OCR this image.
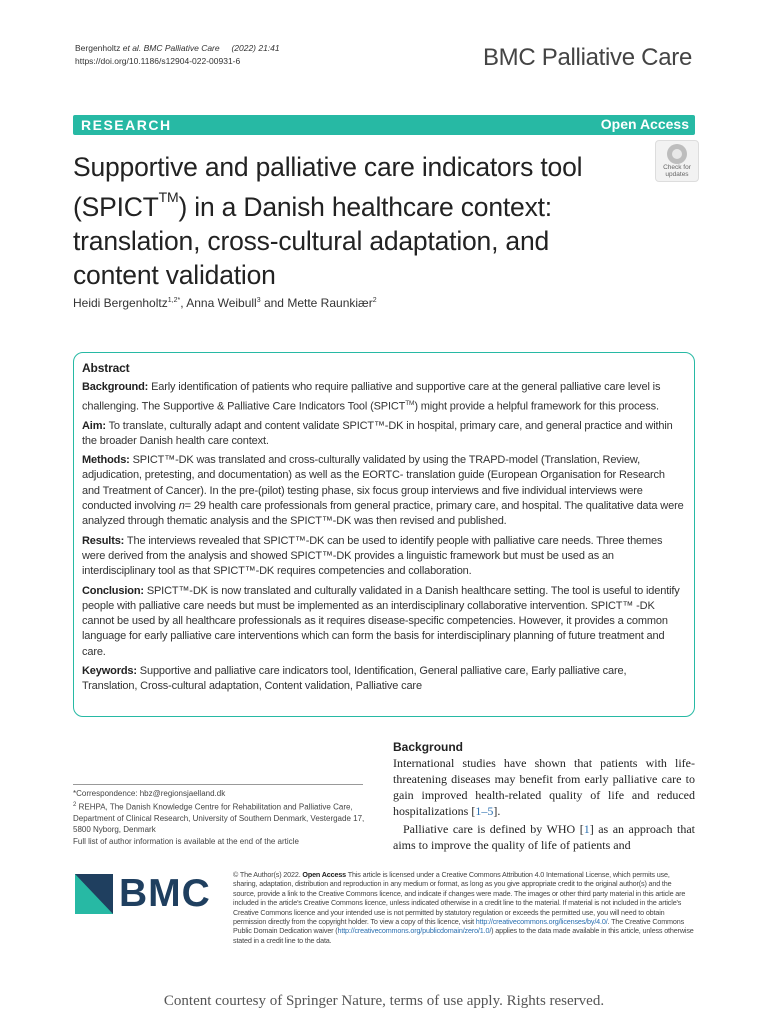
Bergenholtz et al. BMC Palliative Care (2022) 21:41
https://doi.org/10.1186/s12904-022-00931-6	BMC Palliative Care
RESEARCH	Open Access
Supportive and palliative care indicators tool (SPICT™) in a Danish healthcare context: translation, cross-cultural adaptation, and content validation
Check for
updates
Heidi Bergenholtz$^{1,2*}$, Anna Weibull$^3$ and Mette Raunkiær$^2$
Abstract

Background: Early identification of patients who require palliative and supportive care at the general palliative care level is challenging. The Supportive & Palliative Care Indicators Tool (SPICT™) might provide a helpful framework for this process.

Aim: To translate, culturally adapt and content validate SPICT™-DK in hospital, primary care, and general practice and within the broader Danish health care context.

Methods: SPICT™-DK was translated and cross-culturally validated by using the TRAPD-model (Translation, Review, adjudication, pretesting, and documentation) as well as the EORTC- translation guide (European Organisation for Research and Treatment of Cancer). In the pre-(pilot) testing phase, six focus group interviews and five individual interviews were conducted involving n= 29 health care professionals from general practice, primary care, and hospital. The qualitative data were analyzed through thematic analysis and the SPICT™-DK was then revised and published.

Results: The interviews revealed that SPICT™-DK can be used to identify people with palliative care needs. Three themes were derived from the analysis and showed SPICT™-DK provides a linguistic framework but must be used as an interdisciplinary tool as that SPICT™-DK requires competencies and collaboration.

Conclusion: SPICT™-DK is now translated and culturally validated in a Danish healthcare setting. The tool is useful to identify people with palliative care needs but must be implemented as an interdisciplinary collaborative intervention. SPICT™ -DK cannot be used by all healthcare professionals as it requires disease-specific competencies. However, it provides a common language for early palliative care interventions which can form the basis for interdisciplinary planning of future treatment and care.

Keywords: Supportive and palliative care indicators tool, Identification, General palliative care, Early palliative care, Translation, Cross-cultural adaptation, Content validation, Palliative care

*Correspondence: hbz@regionsjaelland.dk
$^2$ REHPA, The Danish Knowledge Centre for Rehabilitation and Palliative Care, Department of Clinical Research, University of Southern Denmark, Vestergade 17, 5800 Nyborg, Denmark
Full list of author information is available at the end of the article
Background

International studies have shown that patients with life-threatening diseases may benefit from early palliative care to gain improved health-related quality of life and reduced hospitalizations [1–5].

Palliative care is defined by WHO [1] as an approach that aims to improve the quality of life of patients and

BMC	© The Author(s) 2022. Open Access This article is licensed under a Creative Commons Attribution 4.0 International License, which permits use, sharing, adaptation, distribution and reproduction in any medium or format, as long as you give appropriate credit to the original author(s) and the source, provide a link to the Creative Commons licence, and indicate if changes were made. The images or other third party material in this article are included in the article's Creative Commons licence, unless indicated otherwise in a credit line to the material. If material is not included in the article's Creative Commons licence and your intended use is not permitted by statutory regulation or exceeds the permitted use, you will need to obtain permission directly from the copyright holder. To view a copy of this licence, visit http://creativecommons.org/licenses/by/4.0/. The Creative Commons Public Domain Dedication waiver (http://creativecommons.org/publicdomain/zero/1.0/) applies to the data made available in this article, unless otherwise stated in a credit line to the data.
Content courtesy of Springer Nature, terms of use apply. Rights reserved.
